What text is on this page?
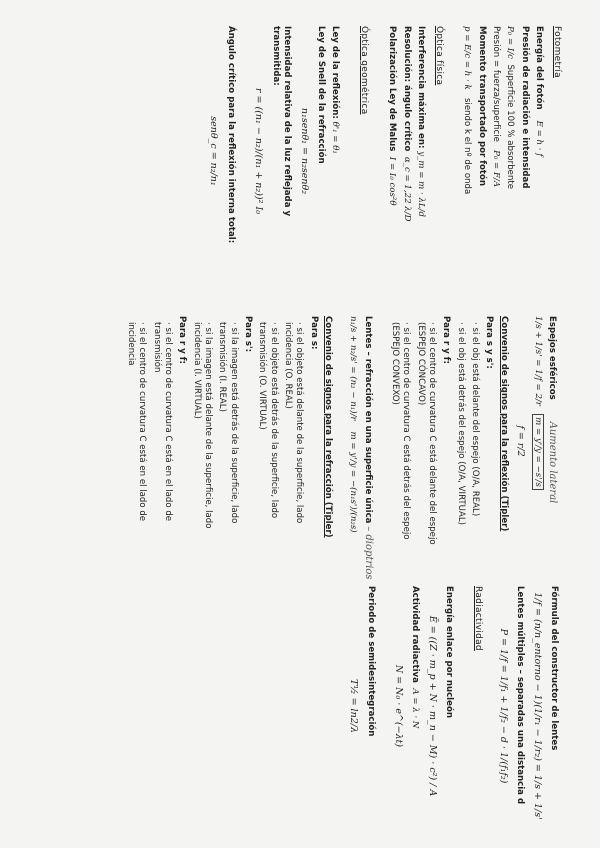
Fotometría
Energía del fotón    E = h · f
Presión de radiación e intensidad
P₀ = I/c  Superficie 100 % absorbente
Presión = fuerza/superficie   P₀ = F/A
Momento transportado por fotón
p = E/c = h · k   siendo k el nº de onda
Óptica física
Interferencia máxima en: y_m = m · λL/d
Resolución: ángulo crítico  α_c = 1,22 λ/D
Polarización Ley de Malus  I = I₀ cos²θ
Óptica geométrica
Ley de la reflexión: θ'₁ = θ₁
Ley de Snell de la refracción
n₁senθ₁ = n₂senθ₂
Intensidad relativa de la luz reflejada y transmitida:
r = ((n₁ − n₂)/(n₁ + n₂))² I₀
Ángulo crítico para la reflexión interna total:
senθ_c = n₂/n₁
Espejos esféricos        Aumento lateral
1/s + 1/s' = 1/f = 2/r   m = y'/y = −s'/s
f = r/2
Convenio de signos para la reflexión (Tipler)
Para s y s':
· si el obj está delante del espejo (O/A, REAL)
· si el obj está detrás del espejo (O/A, VIRTUAL)
Para r y f:
· si el centro de curvatura C está delante del espejo (ESPEJO CÓNCAVO)
· si el centro de curvatura C está detrás del espejo (ESPEJO CONVEXO)
Lentes – refracción en una superficie única – dioptrios
n₁/s + n₂/s' = (n₂ − n₁)/r    m = y'/y = −(n₁s')/(n₂s)
Convenio de signos para la refracción (Tipler)
Para s:
· si el objeto está delante de la superficie, lado incidencia (O. REAL)
· si el objeto está detrás de la superficie, lado transmisión (O. VIRTUAL)
Para s':
· si la imagen está detrás de la superficie, lado transmisión (I. REAL)
· si la imagen está delante de la superficie, lado incidencia (I. VIRTUAL)
Para r y f:
· si el centro de curvatura C está en el lado de transmisión
· si el centro de curvatura C está en el lado de incidencia
Fórmula del constructor de lentes
1/f = (n/n_entorno − 1)(1/r₁ − 1/r₂) = 1/s + 1/s'
Lentes múltiples – separadas una distancia d
P = 1/f = 1/f₁ + 1/f₂ − d · 1/(f₁f₂)
Radiactividad
Energía enlace por nucleón
Ē = ((Z · m_p + N · m_n − M) · c²) / A
Actividad radiactiva  A = λ · N
N = N₀ · e^(−λt)
Periodo de semidesintegración
T½ = ln2/λ
